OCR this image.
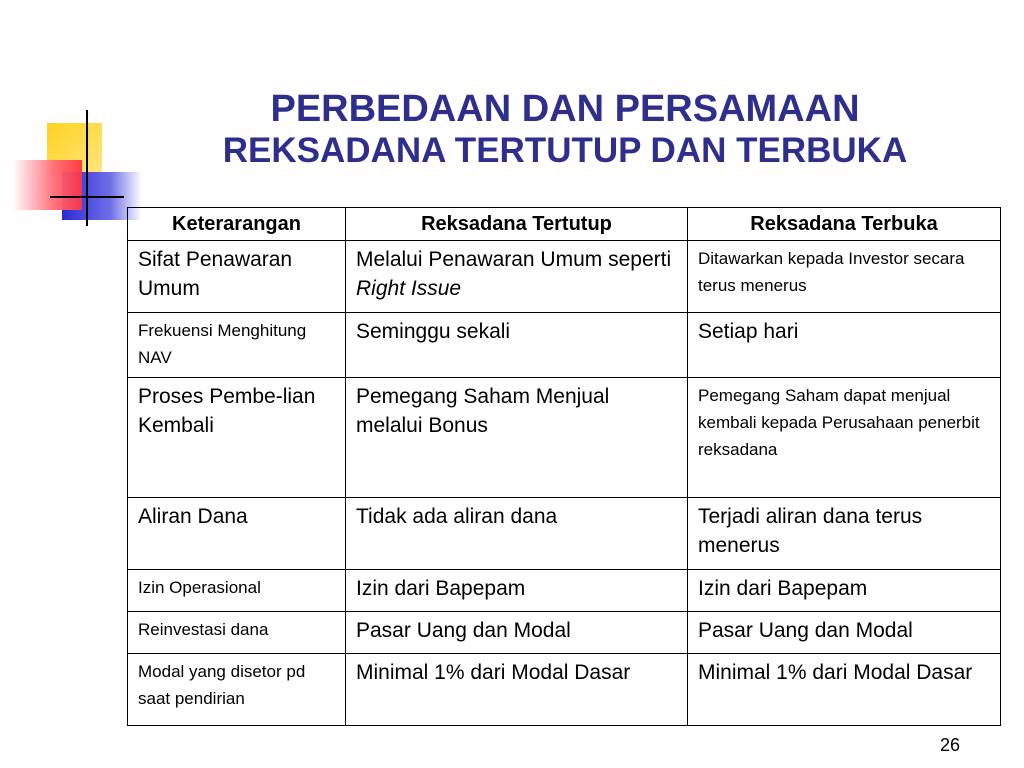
PERBEDAAN DAN PERSAMAAN
REKSADANA TERTUTUP DAN TERBUKA
Keterarangan	Reksadana Tertutup	Reksadana Terbuka
Sifat Penawaran Umum	Melalui Penawaran Umum seperti Right Issue	Ditawarkan kepada Investor secara terus menerus
Frekuensi Menghitung NAV	Seminggu sekali	Setiap hari
Proses Pembe-lian Kembali	Pemegang Saham Menjual melalui Bonus	Pemegang Saham dapat menjual kembali kepada Perusahaan penerbit reksadana
Aliran Dana	Tidak ada aliran dana	Terjadi aliran dana terus menerus
Izin Operasional	Izin dari Bapepam	Izin dari Bapepam
Reinvestasi dana	Pasar Uang dan Modal	Pasar Uang dan Modal
Modal yang disetor pd saat pendirian	Minimal 1% dari Modal Dasar	Minimal 1% dari Modal Dasar
26
